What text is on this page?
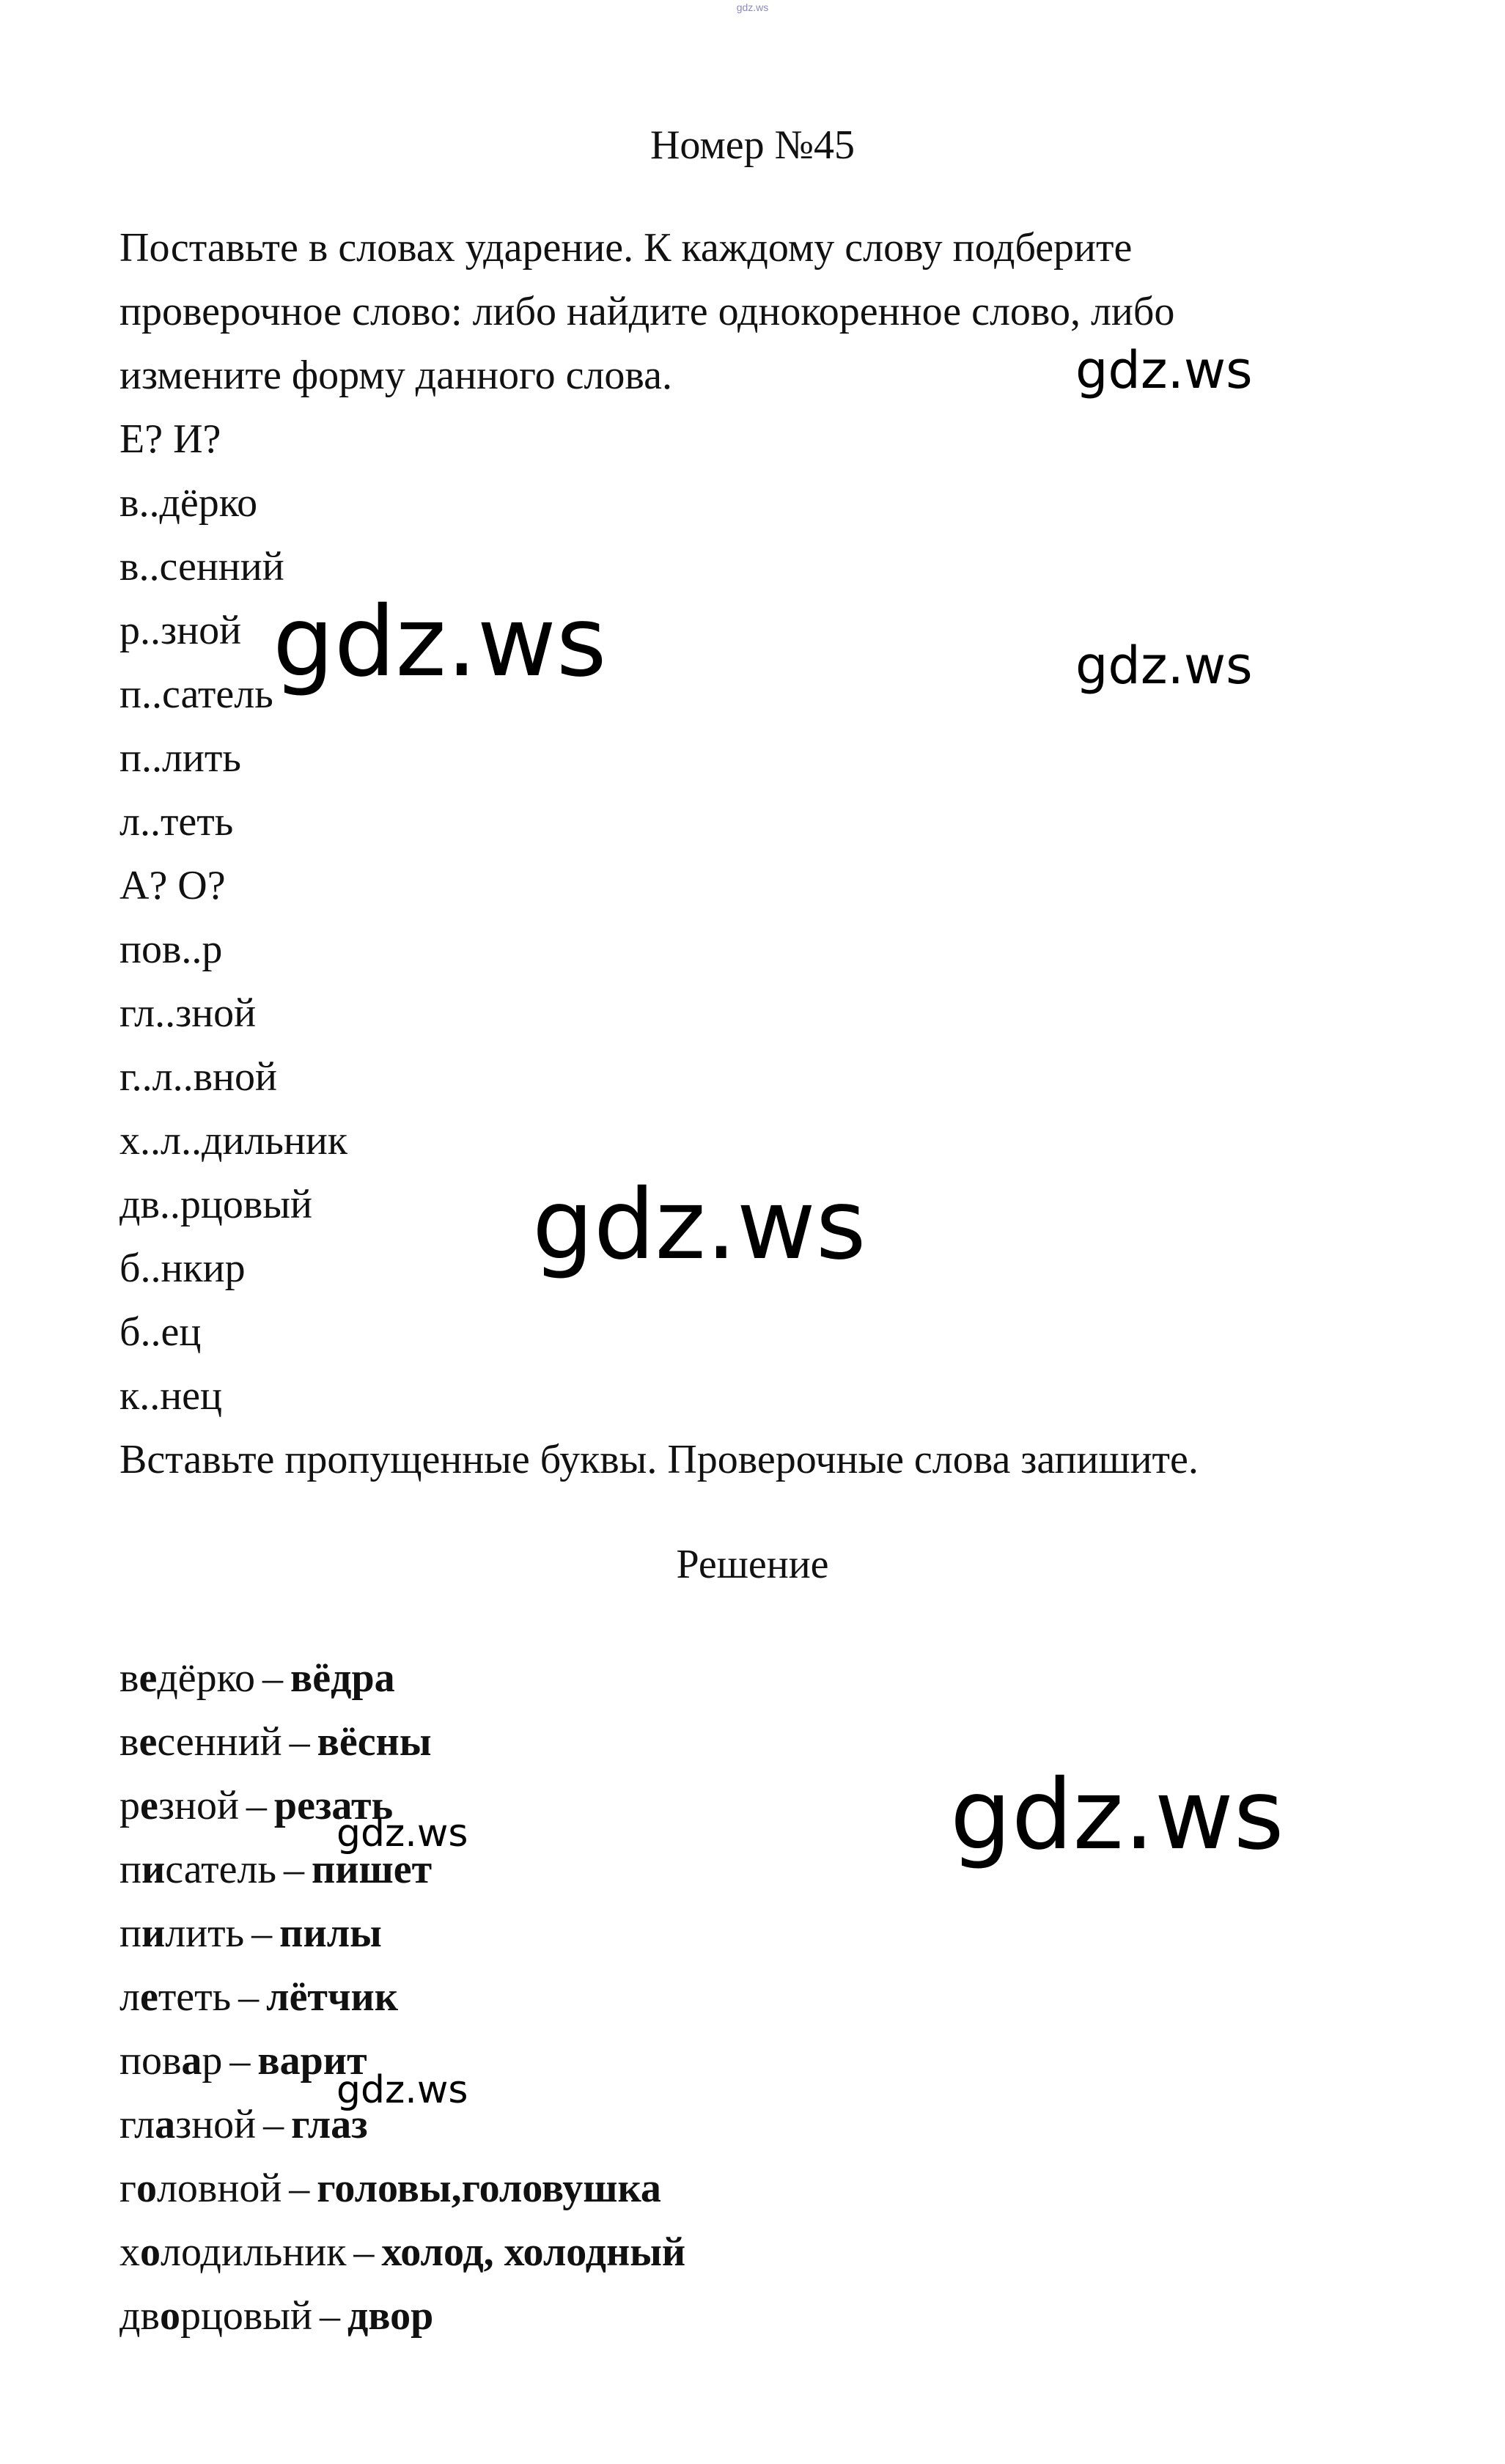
gdz.ws
Номер №45

Поставьте в словах ударение. К каждому слову подберите

проверочное слово: либо найдите однокоренное слово, либо

измените форму данного слова.

Е? И?

в..дёрко

в..сенний

р..зной

п..сатель

п..лить

л..теть

А? О?

пов..р

гл..зной

г..л..вной

х..л..дильник

дв..рцовый

б..нкир

б..ец

к..нец

Вставьте пропущенные буквы. Проверочные слова запишите.

Решение

ведёрко – вёдра

весенний – вёсны

резной – резать

писатель – пишет

пилить – пилы

лететь – лётчик

повар – варит

глазной – глаз

головной – головы,головушка

холодильник – холод, холодный

дворцовый – двор

gdz.ws
gdz.ws	gdz.ws
gdz.ws
gdz.ws
gdz.ws
gdz.ws
